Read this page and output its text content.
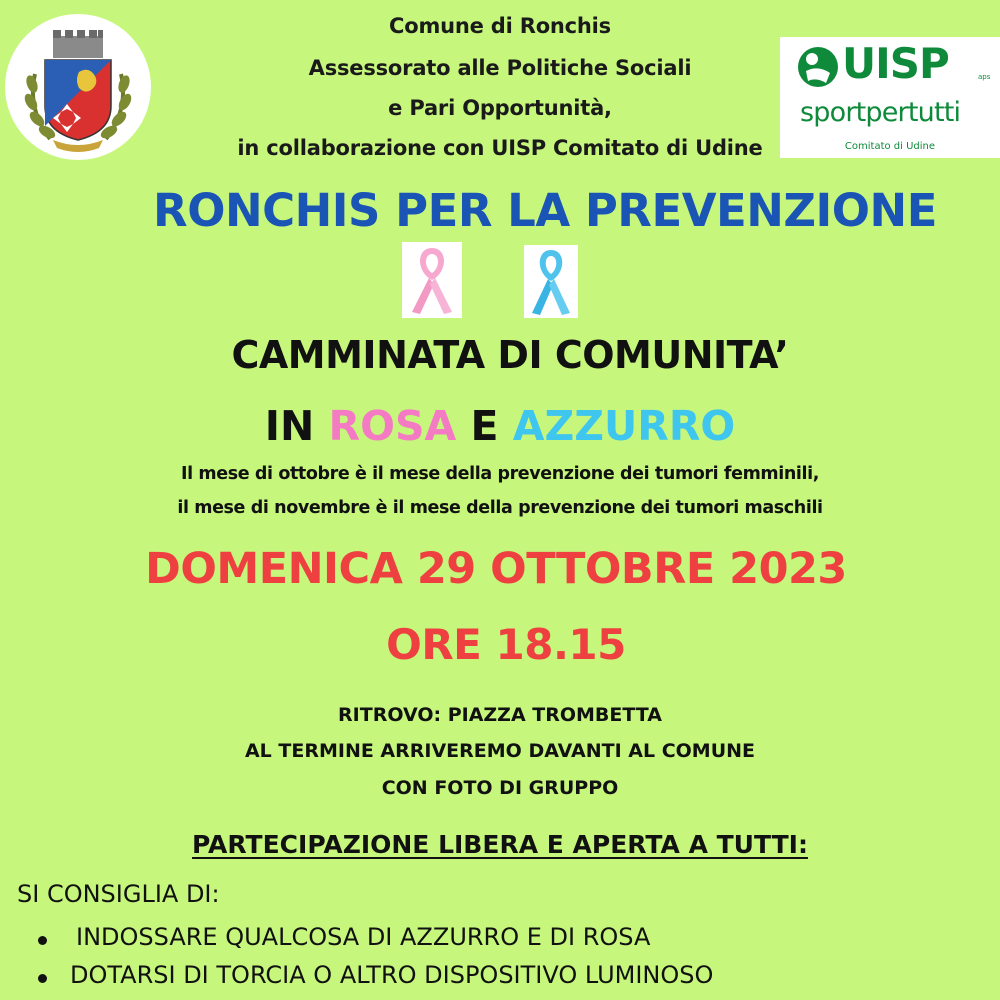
Comune di Ronchis
Assessorato alle Politiche Sociali
e Pari Opportunità,
in collaborazione con UISP Comitato di Udine
UISP	aps
sportpertutti
Comitato di Udine
RONCHIS PER LA PREVENZIONE
CAMMINATA DI COMUNITA’
IN ROSA E AZZURRO
Il mese di ottobre è il mese della prevenzione dei tumori femminili,
il mese di novembre è il mese della prevenzione dei tumori maschili
DOMENICA 29 OTTOBRE 2023
ORE 18.15
RITROVO: PIAZZA TROMBETTA
AL TERMINE ARRIVEREMO DAVANTI AL COMUNE
CON FOTO DI GRUPPO
PARTECIPAZIONE LIBERA E APERTA A TUTTI:
SI CONSIGLIA DI:
INDOSSARE QUALCOSA DI AZZURRO E DI ROSA
DOTARSI DI TORCIA O ALTRO DISPOSITIVO LUMINOSO
